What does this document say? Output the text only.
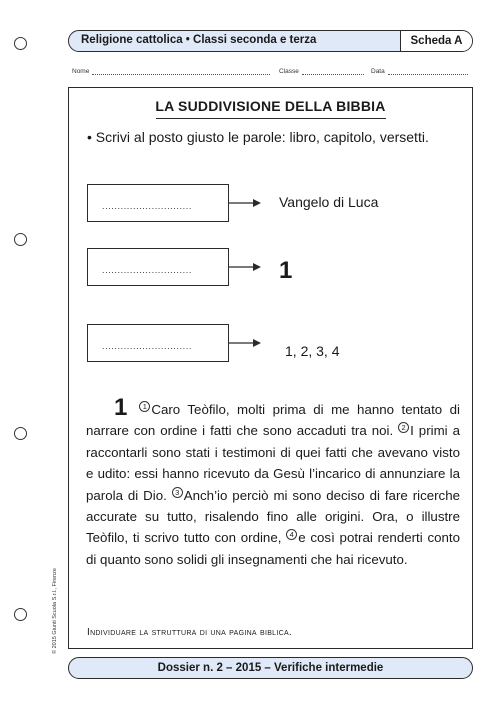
Religione cattolica • Classi seconda e terza	Scheda A
Nome	Classe	Data
LA SUDDIVISIONE DELLA BIBBIA
• Scrivi al posto giusto le parole: libro, capitolo, versetti.
.............................	Vangelo di Luca
.............................	1
.............................	1, 2, 3, 4
1 1 Caro Teòfilo, molti prima di me hanno tentato di narrare con ordine i fatti che sono accaduti tra noi. 2 I primi a raccontarli sono stati i testimoni di quei fatti che avevano visto e udito: essi hanno ricevuto da Gesù l’incarico di annunziare la parola di Dio. 3 Anch’io perciò mi sono deciso di fare ricerche accurate su tutto, risalendo fino alle origini. Ora, o illustre Teòfilo, ti scrivo tutto con ordine, 4 e così potrai renderti conto di quanto sono solidi gli insegnamenti che hai ricevuto.
Individuare la struttura di una pagina biblica.
© 2015 Giunti Scuola S.r.l., Firenze
Dossier n. 2 – 2015 – Verifiche intermedie
